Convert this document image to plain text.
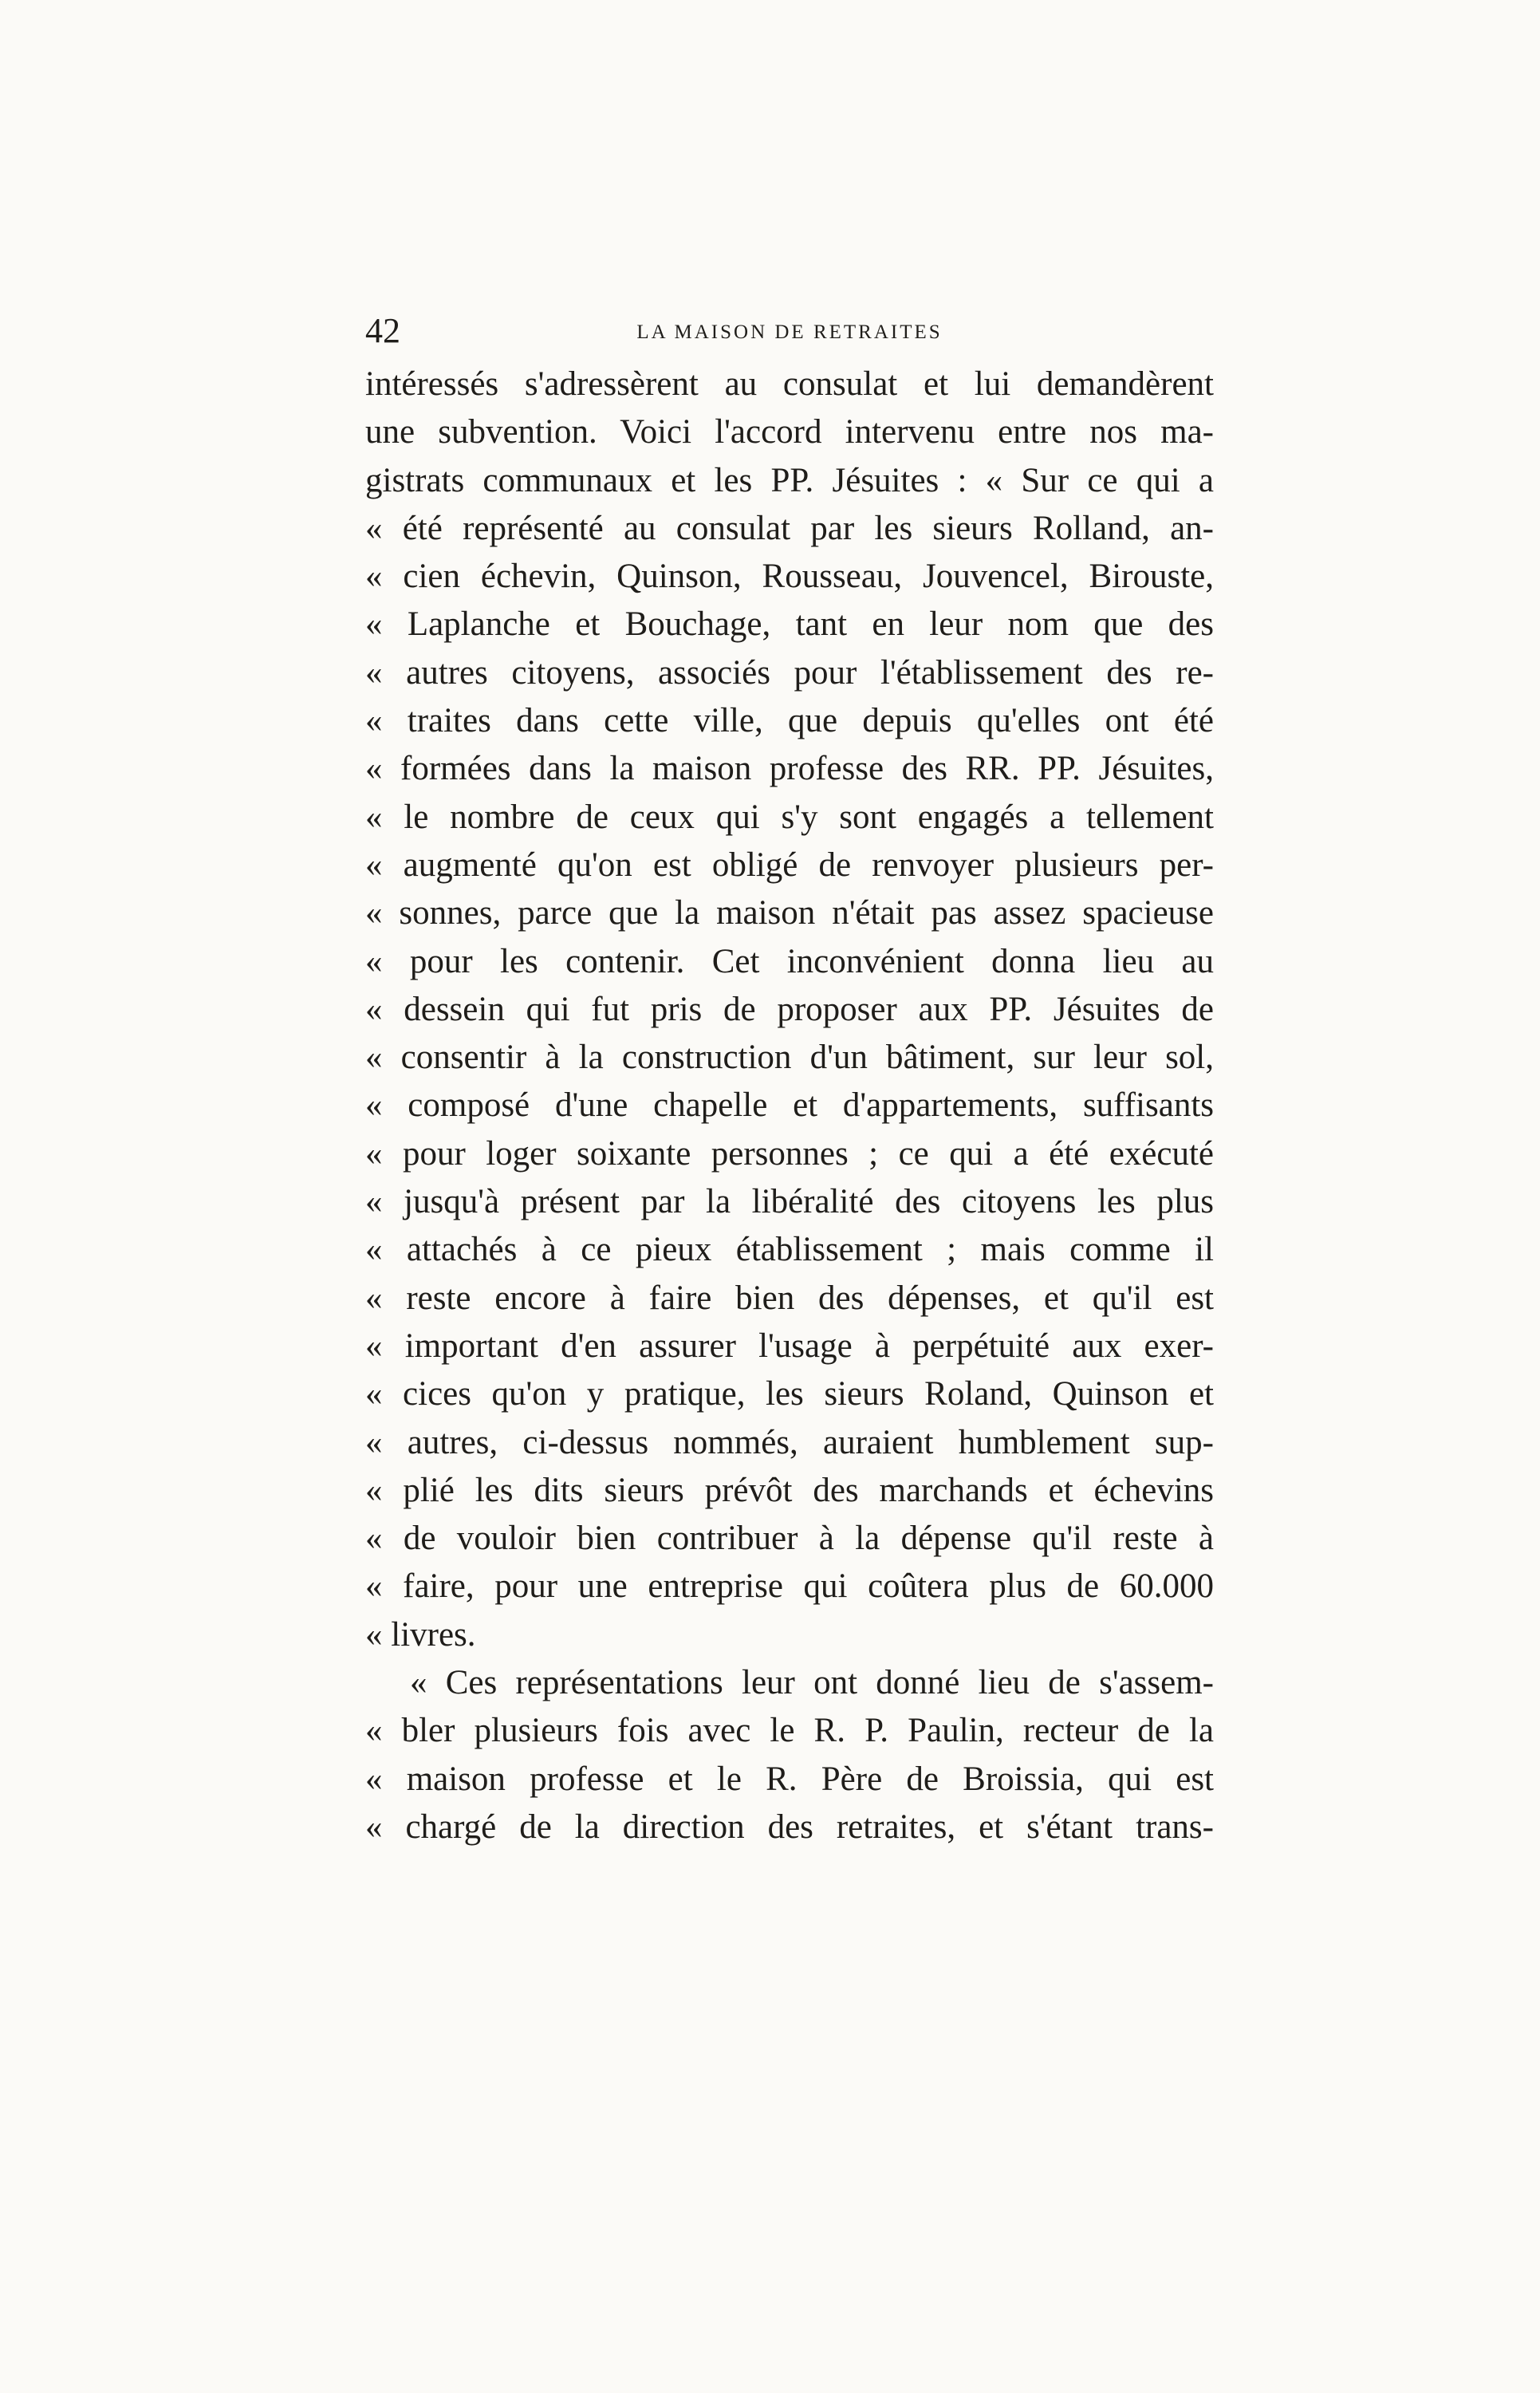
42	LA MAISON DE RETRAITES
intéressés s'adressèrent au consulat et lui demandèrent
une subvention. Voici l'accord intervenu entre nos ma-
gistrats communaux et les PP. Jésuites : « Sur ce qui a
« été représenté au consulat par les sieurs Rolland, an-
« cien échevin, Quinson, Rousseau, Jouvencel, Birouste,
« Laplanche et Bouchage, tant en leur nom que des
« autres citoyens, associés pour l'établissement des re-
« traites dans cette ville, que depuis qu'elles ont été
« formées dans la maison professe des RR. PP. Jésuites,
« le nombre de ceux qui s'y sont engagés a tellement
« augmenté qu'on est obligé de renvoyer plusieurs per-
« sonnes, parce que la maison n'était pas assez spacieuse
« pour les contenir. Cet inconvénient donna lieu au
« dessein qui fut pris de proposer aux PP. Jésuites de
« consentir à la construction d'un bâtiment, sur leur sol,
« composé d'une chapelle et d'appartements, suffisants
« pour loger soixante personnes ; ce qui a été exécuté
« jusqu'à présent par la libéralité des citoyens les plus
« attachés à ce pieux établissement ; mais comme il
« reste encore à faire bien des dépenses, et qu'il est
« important d'en assurer l'usage à perpétuité aux exer-
« cices qu'on y pratique, les sieurs Roland, Quinson et
« autres, ci-dessus nommés, auraient humblement sup-
« plié les dits sieurs prévôt des marchands et échevins
« de vouloir bien contribuer à la dépense qu'il reste à
« faire, pour une entreprise qui coûtera plus de 60.000
« livres.
« Ces représentations leur ont donné lieu de s'assem-
« bler plusieurs fois avec le R. P. Paulin, recteur de la
« maison professe et le R. Père de Broissia, qui est
« chargé de la direction des retraites, et s'étant trans-
